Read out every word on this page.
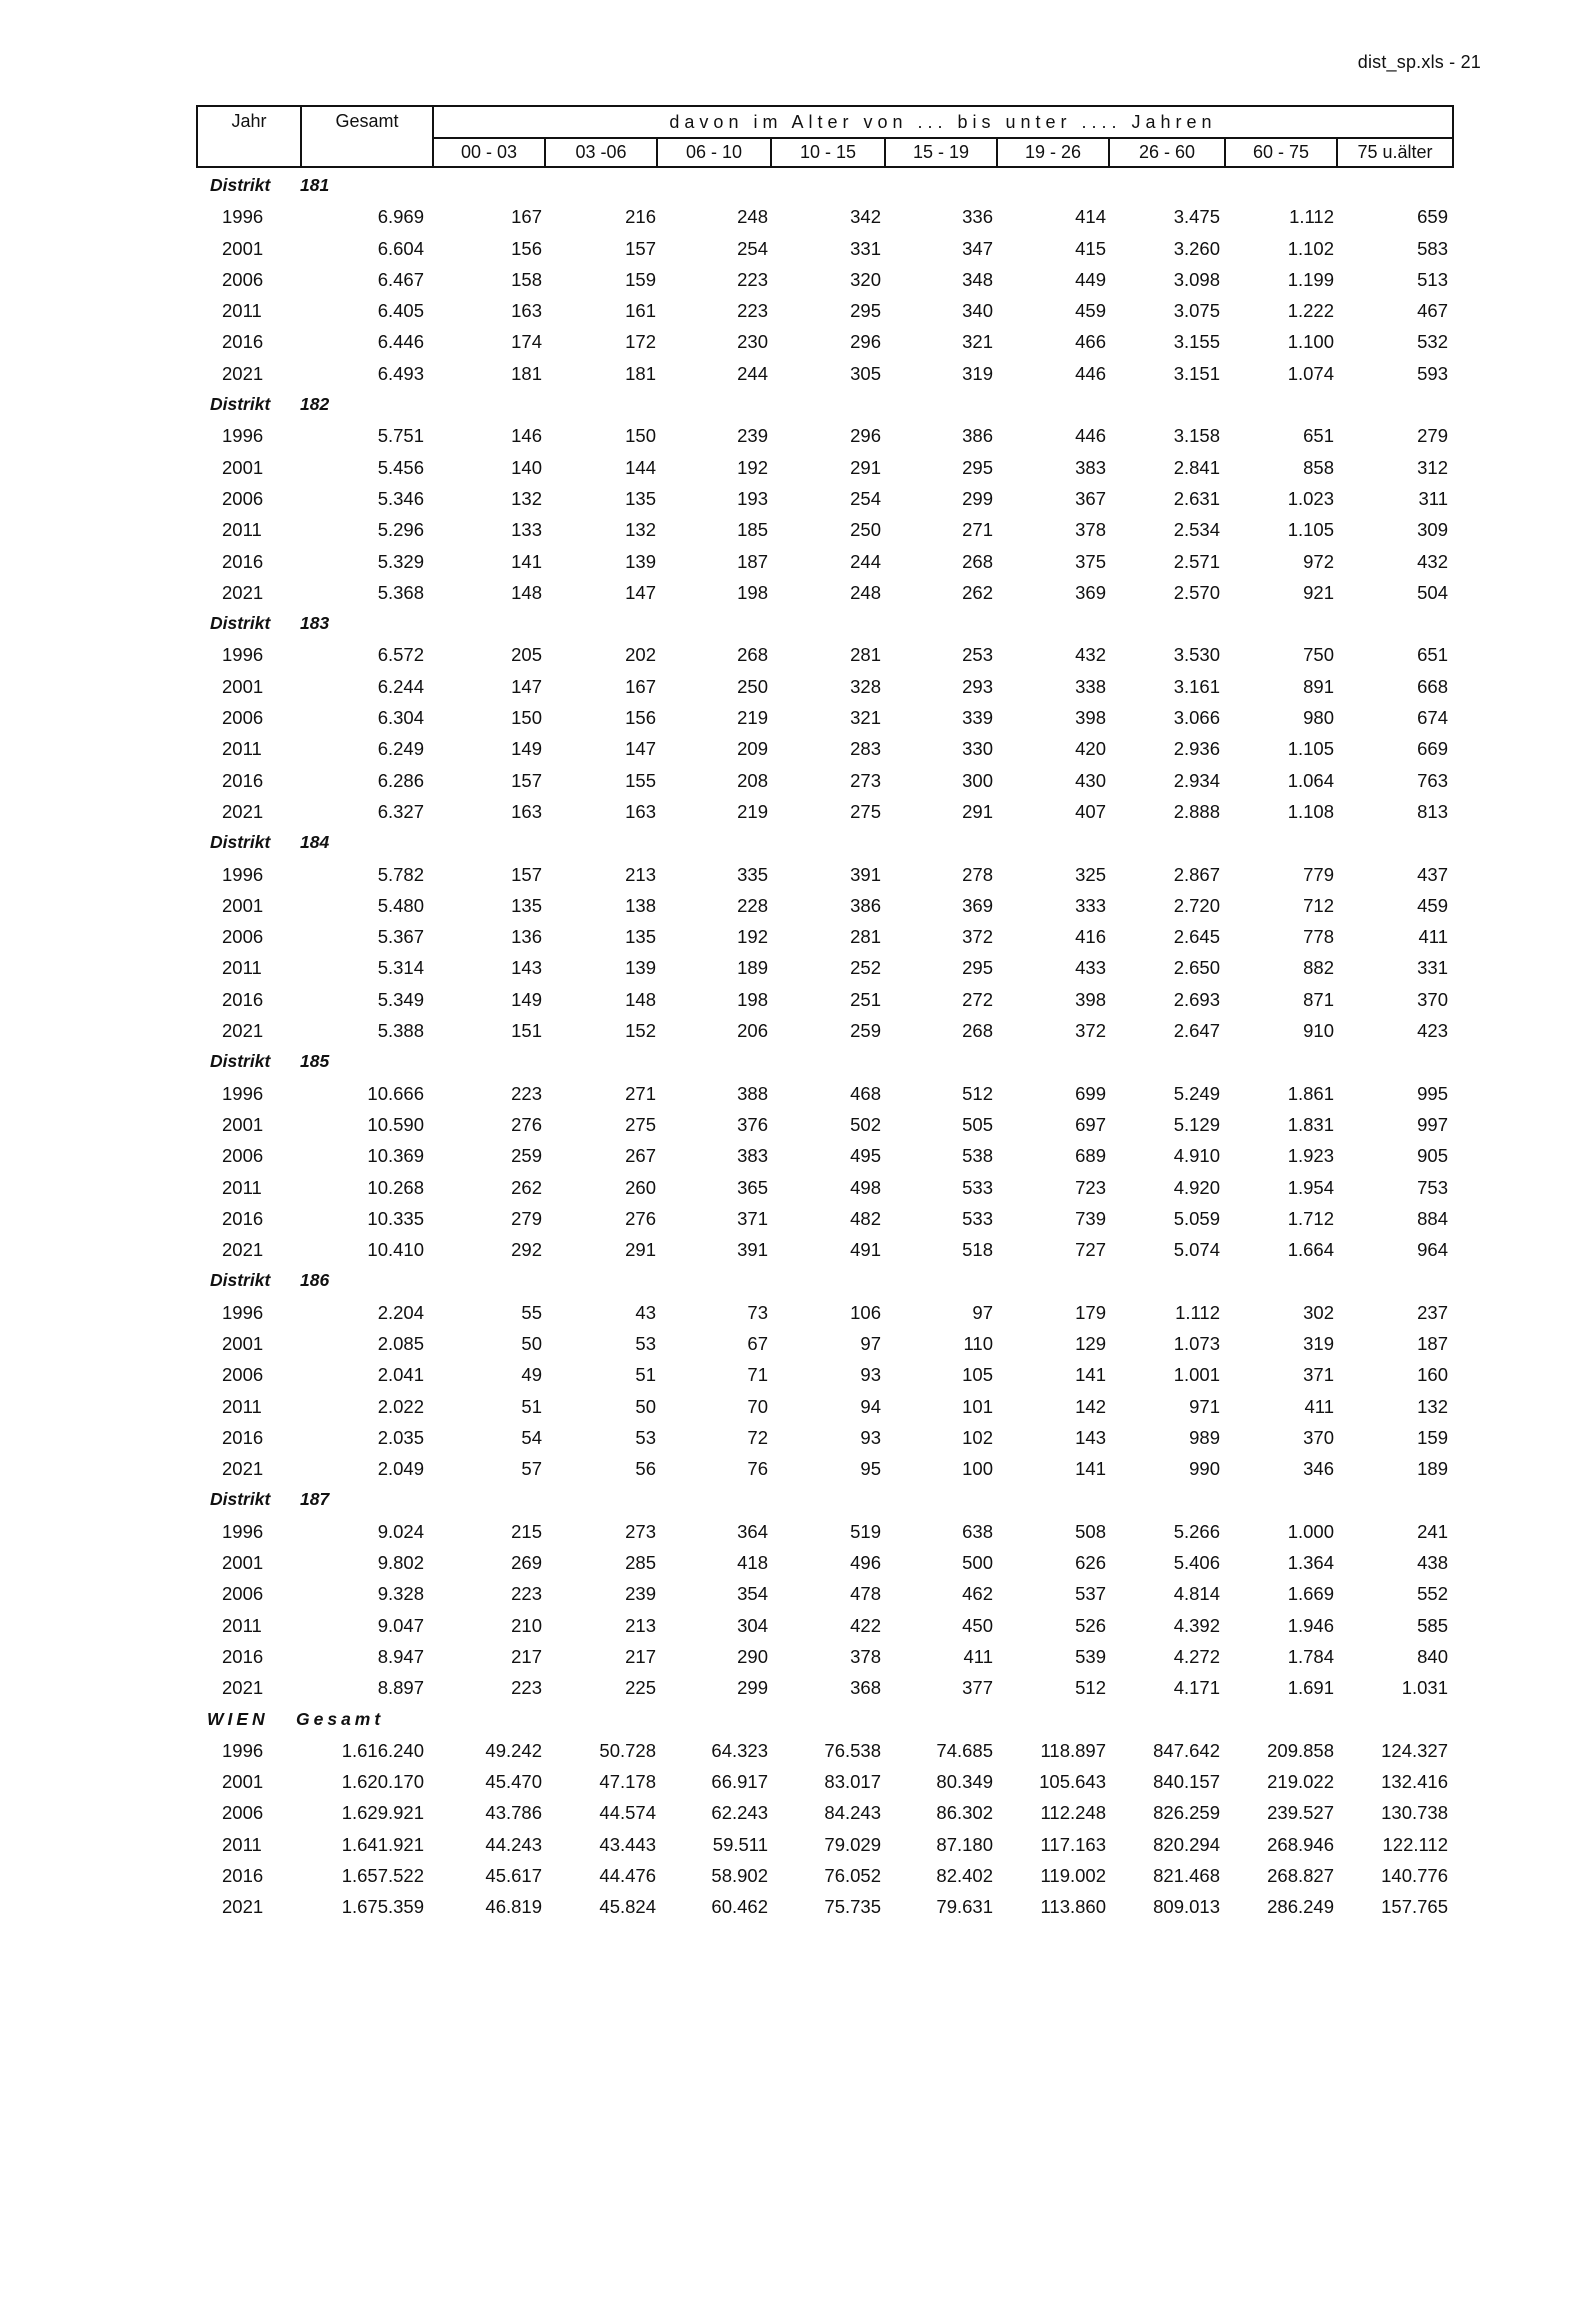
dist_sp.xls - 21
Jahr	Gesamt	davon im Alter von ... bis unter .... Jahren
00 - 03	03 -06	06 - 10	10 - 15	15 - 19	19 - 26	26 - 60	60 - 75	75 u.älter
Distrikt 181
1996	6.969	167	216	248	342	336	414	3.475	1.112	659
2001	6.604	156	157	254	331	347	415	3.260	1.102	583
2006	6.467	158	159	223	320	348	449	3.098	1.199	513
2011	6.405	163	161	223	295	340	459	3.075	1.222	467
2016	6.446	174	172	230	296	321	466	3.155	1.100	532
2021	6.493	181	181	244	305	319	446	3.151	1.074	593
Distrikt 182
1996	5.751	146	150	239	296	386	446	3.158	651	279
2001	5.456	140	144	192	291	295	383	2.841	858	312
2006	5.346	132	135	193	254	299	367	2.631	1.023	311
2011	5.296	133	132	185	250	271	378	2.534	1.105	309
2016	5.329	141	139	187	244	268	375	2.571	972	432
2021	5.368	148	147	198	248	262	369	2.570	921	504
Distrikt 183
1996	6.572	205	202	268	281	253	432	3.530	750	651
2001	6.244	147	167	250	328	293	338	3.161	891	668
2006	6.304	150	156	219	321	339	398	3.066	980	674
2011	6.249	149	147	209	283	330	420	2.936	1.105	669
2016	6.286	157	155	208	273	300	430	2.934	1.064	763
2021	6.327	163	163	219	275	291	407	2.888	1.108	813
Distrikt 184
1996	5.782	157	213	335	391	278	325	2.867	779	437
2001	5.480	135	138	228	386	369	333	2.720	712	459
2006	5.367	136	135	192	281	372	416	2.645	778	411
2011	5.314	143	139	189	252	295	433	2.650	882	331
2016	5.349	149	148	198	251	272	398	2.693	871	370
2021	5.388	151	152	206	259	268	372	2.647	910	423
Distrikt 185
1996	10.666	223	271	388	468	512	699	5.249	1.861	995
2001	10.590	276	275	376	502	505	697	5.129	1.831	997
2006	10.369	259	267	383	495	538	689	4.910	1.923	905
2011	10.268	262	260	365	498	533	723	4.920	1.954	753
2016	10.335	279	276	371	482	533	739	5.059	1.712	884
2021	10.410	292	291	391	491	518	727	5.074	1.664	964
Distrikt 186
1996	2.204	55	43	73	106	97	179	1.112	302	237
2001	2.085	50	53	67	97	110	129	1.073	319	187
2006	2.041	49	51	71	93	105	141	1.001	371	160
2011	2.022	51	50	70	94	101	142	971	411	132
2016	2.035	54	53	72	93	102	143	989	370	159
2021	2.049	57	56	76	95	100	141	990	346	189
Distrikt 187
1996	9.024	215	273	364	519	638	508	5.266	1.000	241
2001	9.802	269	285	418	496	500	626	5.406	1.364	438
2006	9.328	223	239	354	478	462	537	4.814	1.669	552
2011	9.047	210	213	304	422	450	526	4.392	1.946	585
2016	8.947	217	217	290	378	411	539	4.272	1.784	840
2021	8.897	223	225	299	368	377	512	4.171	1.691	1.031
WIEN Gesamt
1996	1.616.240	49.242	50.728	64.323	76.538	74.685	118.897	847.642	209.858	124.327
2001	1.620.170	45.470	47.178	66.917	83.017	80.349	105.643	840.157	219.022	132.416
2006	1.629.921	43.786	44.574	62.243	84.243	86.302	112.248	826.259	239.527	130.738
2011	1.641.921	44.243	43.443	59.511	79.029	87.180	117.163	820.294	268.946	122.112
2016	1.657.522	45.617	44.476	58.902	76.052	82.402	119.002	821.468	268.827	140.776
2021	1.675.359	46.819	45.824	60.462	75.735	79.631	113.860	809.013	286.249	157.765
